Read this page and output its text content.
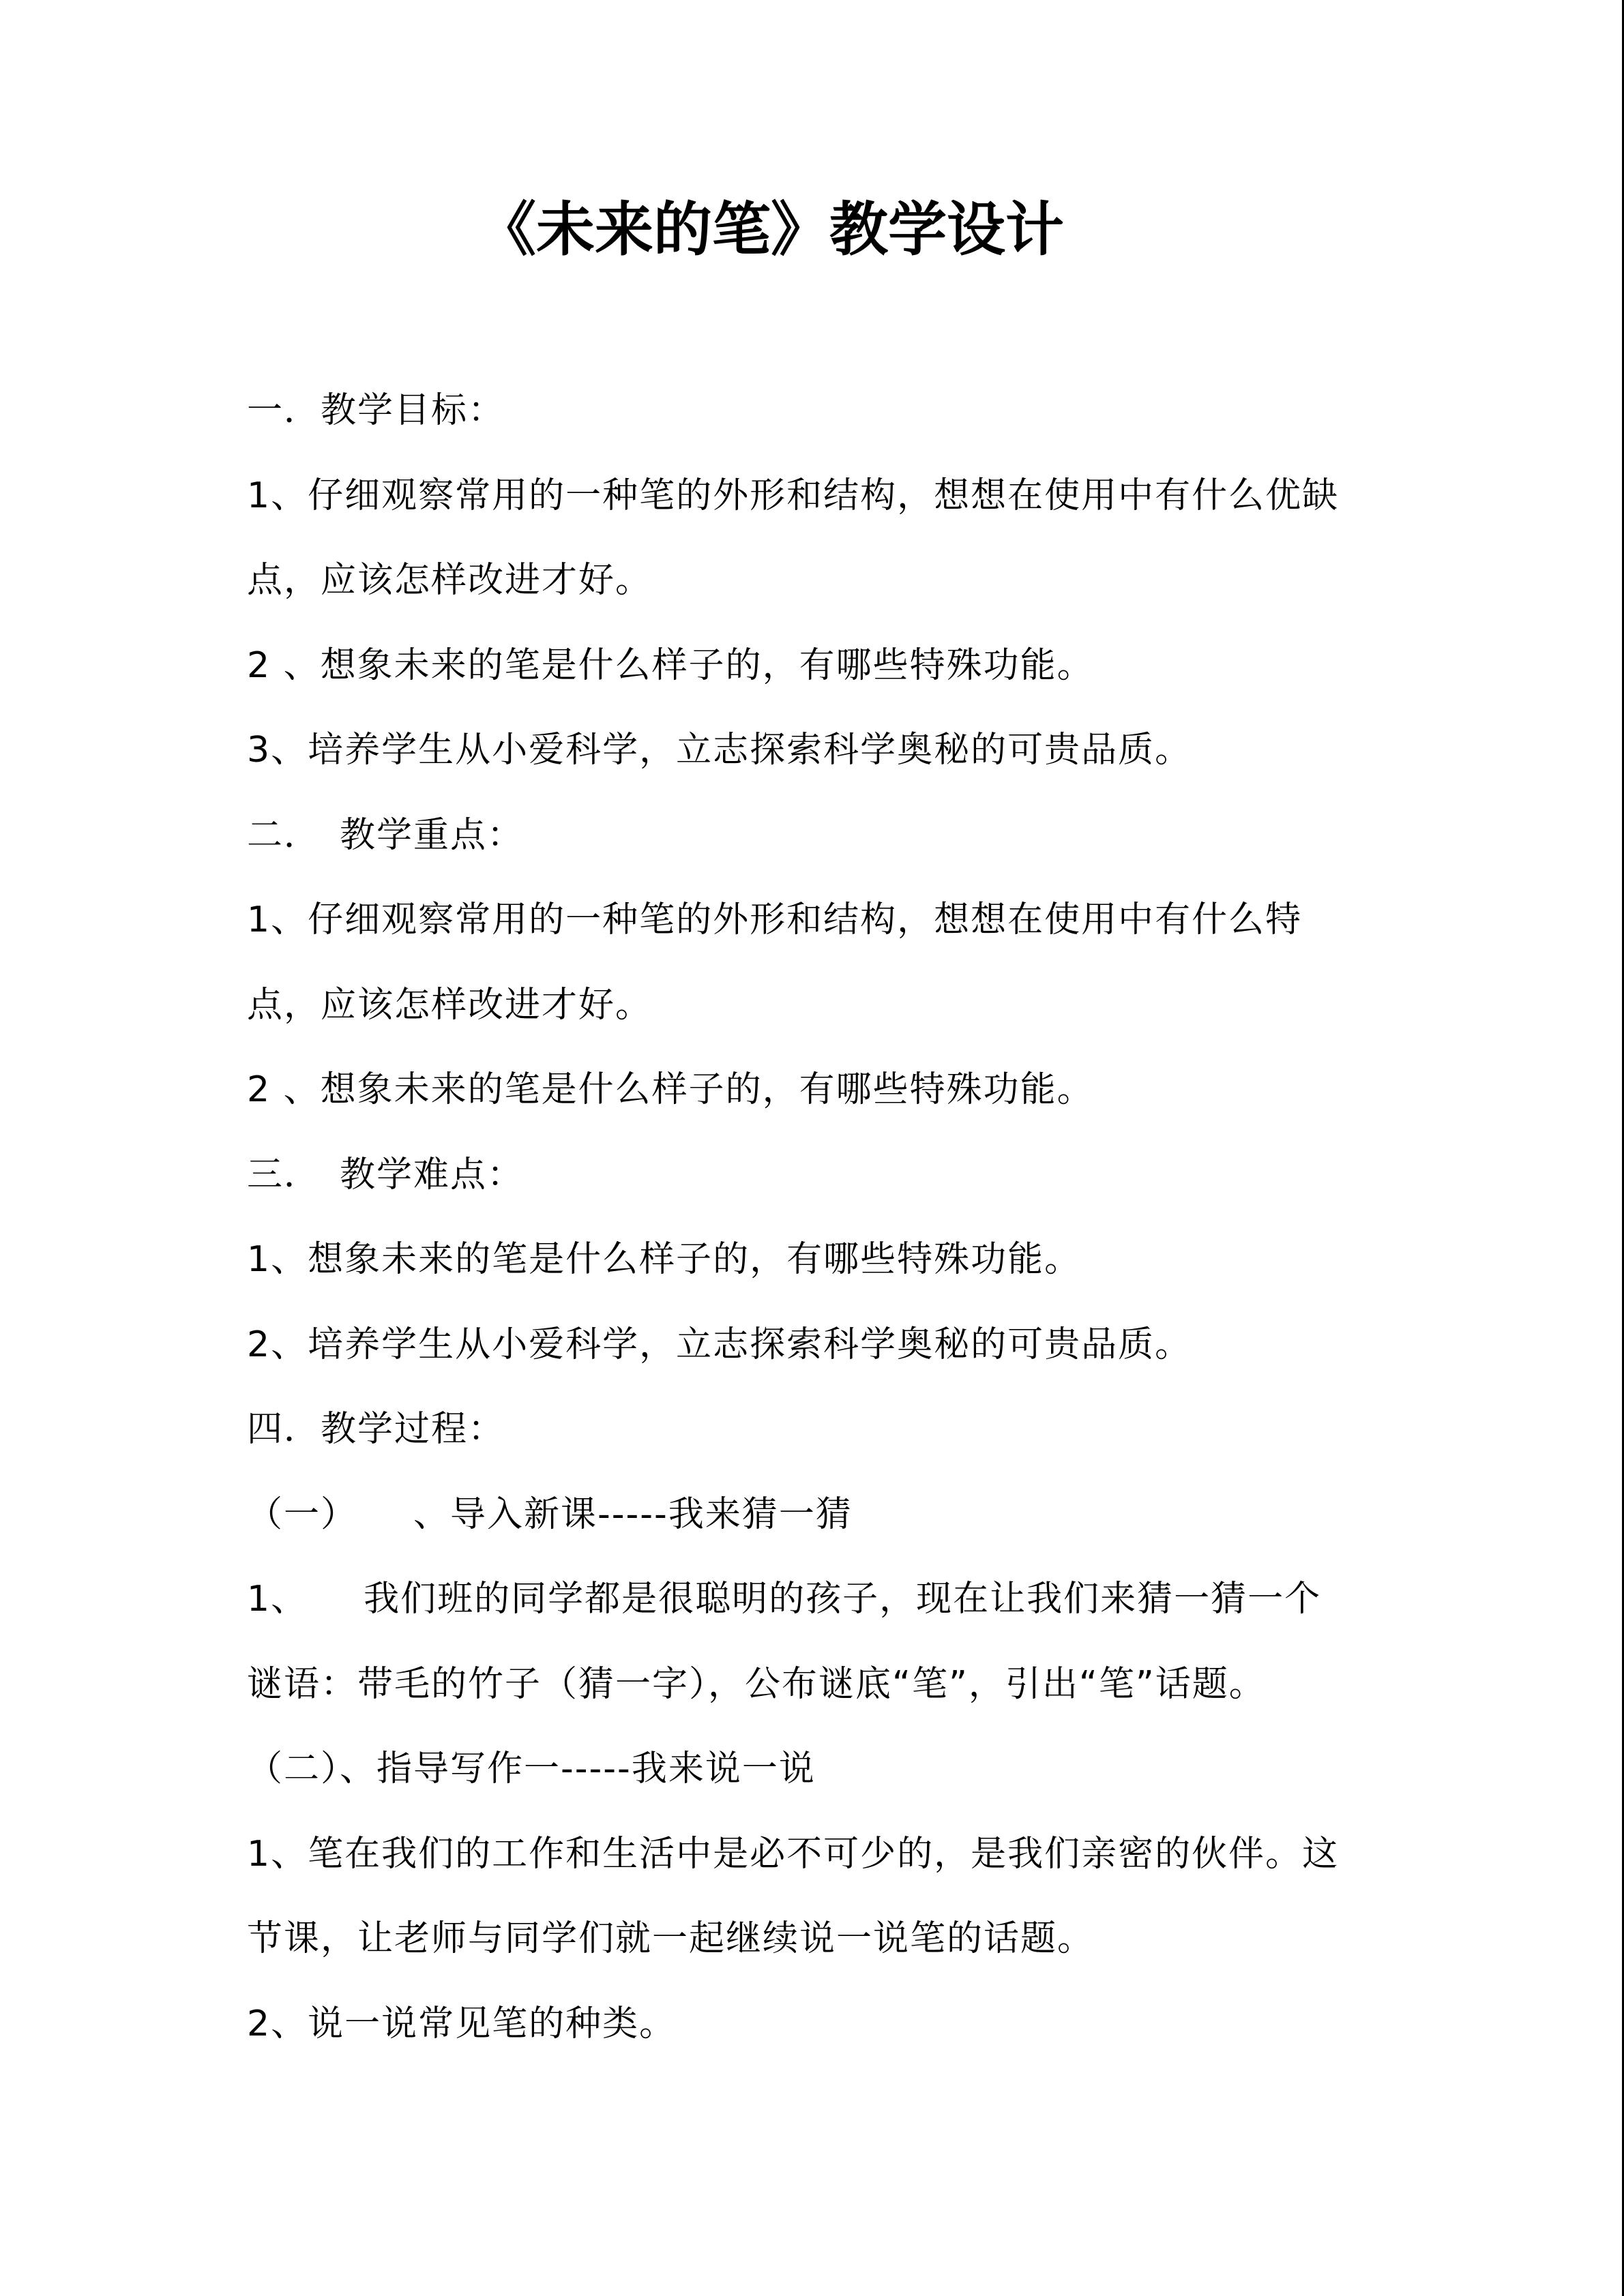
《未来的笔》教学设计
一．教学目标：
1、仔细观察常用的一种笔的外形和结构，想想在使用中有什么优缺
点，应该怎样改进才好。
2 、想象未来的笔是什么样子的，有哪些特殊功能。
3、培养学生从小爱科学，立志探索科学奥秘的可贵品质。
二．　教学重点：
1、仔细观察常用的一种笔的外形和结构，想想在使用中有什么特
点，应该怎样改进才好。
2 、想象未来的笔是什么样子的，有哪些特殊功能。
三．　教学难点：
1、想象未来的笔是什么样子的，有哪些特殊功能。
2、培养学生从小爱科学，立志探索科学奥秘的可贵品质。
四．教学过程：
（一）　　、导入新课-----我来猜一猜
1、　　我们班的同学都是很聪明的孩子，现在让我们来猜一猜一个
谜语：带毛的竹子（猜一字），公布谜底“笔”，引出“笔”话题。
（二）、指导写作一-----我来说一说
1、笔在我们的工作和生活中是必不可少的，是我们亲密的伙伴。这
节课，让老师与同学们就一起继续说一说笔的话题。
2、说一说常见笔的种类。
